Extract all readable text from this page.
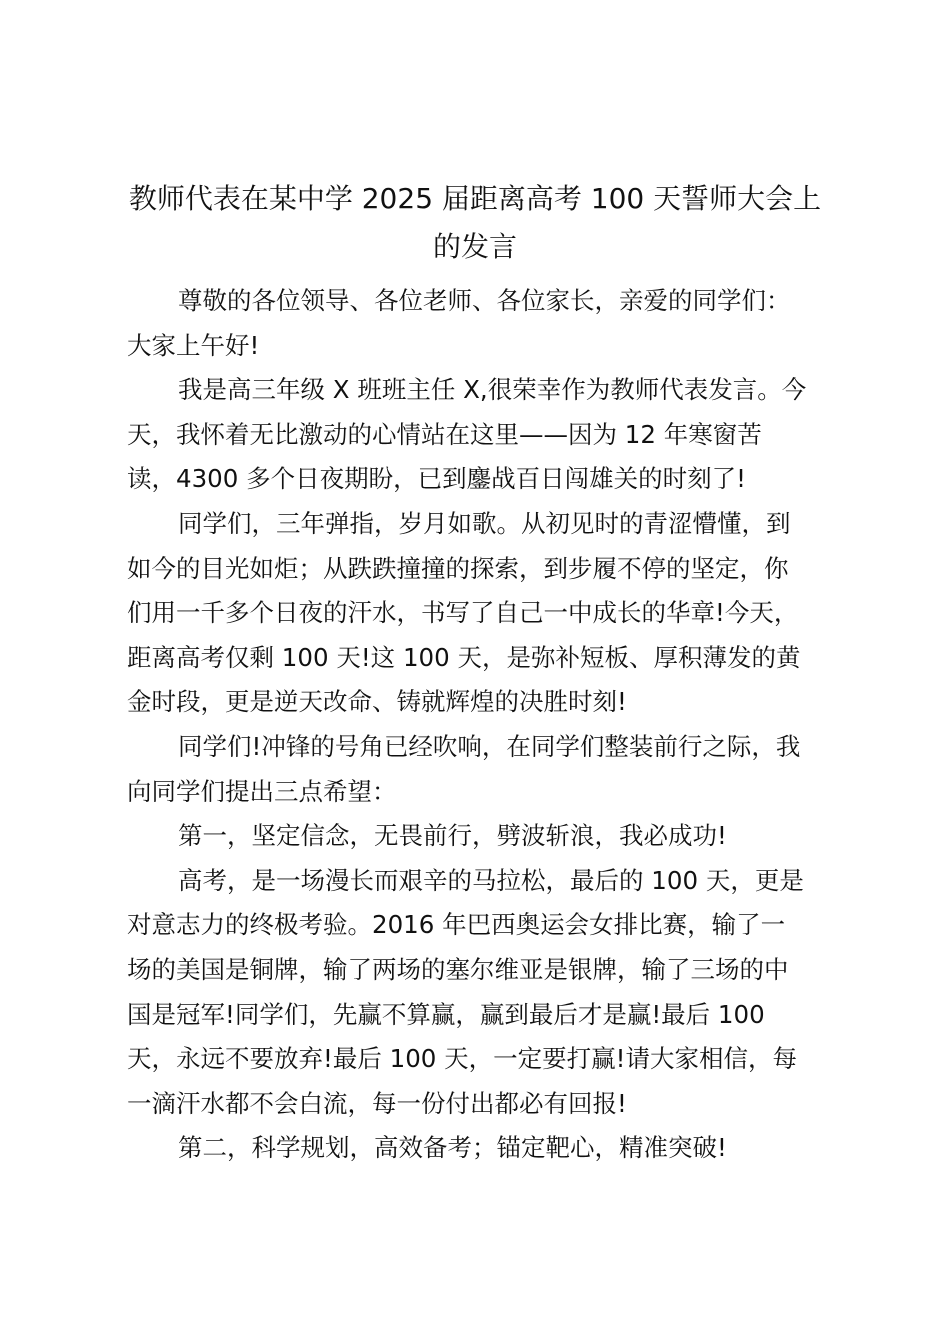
教师代表在某中学 2025 届距离高考 100 天誓师大会上
的发言
尊敬的各位领导、各位老师、各位家长，亲爱的同学们：
大家上午好!
我是高三年级 X 班班主任 X,很荣幸作为教师代表发言。今
天，我怀着无比激动的心情站在这里——因为 12 年寒窗苦
读，4300 多个日夜期盼，已到鏖战百日闯雄关的时刻了!
同学们，三年弹指，岁月如歌。从初见时的青涩懵懂，到
如今的目光如炬；从跌跌撞撞的探索，到步履不停的坚定，你
们用一千多个日夜的汗水，书写了自己一中成长的华章!今天，
距离高考仅剩 100 天!这 100 天，是弥补短板、厚积薄发的黄
金时段，更是逆天改命、铸就辉煌的决胜时刻!
同学们!冲锋的号角已经吹响，在同学们整装前行之际，我
向同学们提出三点希望：
第一，坚定信念，无畏前行，劈波斩浪，我必成功!
高考，是一场漫长而艰辛的马拉松，最后的 100 天，更是
对意志力的终极考验。2016 年巴西奥运会女排比赛，输了一
场的美国是铜牌，输了两场的塞尔维亚是银牌，输了三场的中
国是冠军!同学们，先赢不算赢，赢到最后才是赢!最后 100
天，永远不要放弃!最后 100 天，一定要打赢!请大家相信，每
一滴汗水都不会白流，每一份付出都必有回报!
第二，科学规划，高效备考；锚定靶心，精准突破!
